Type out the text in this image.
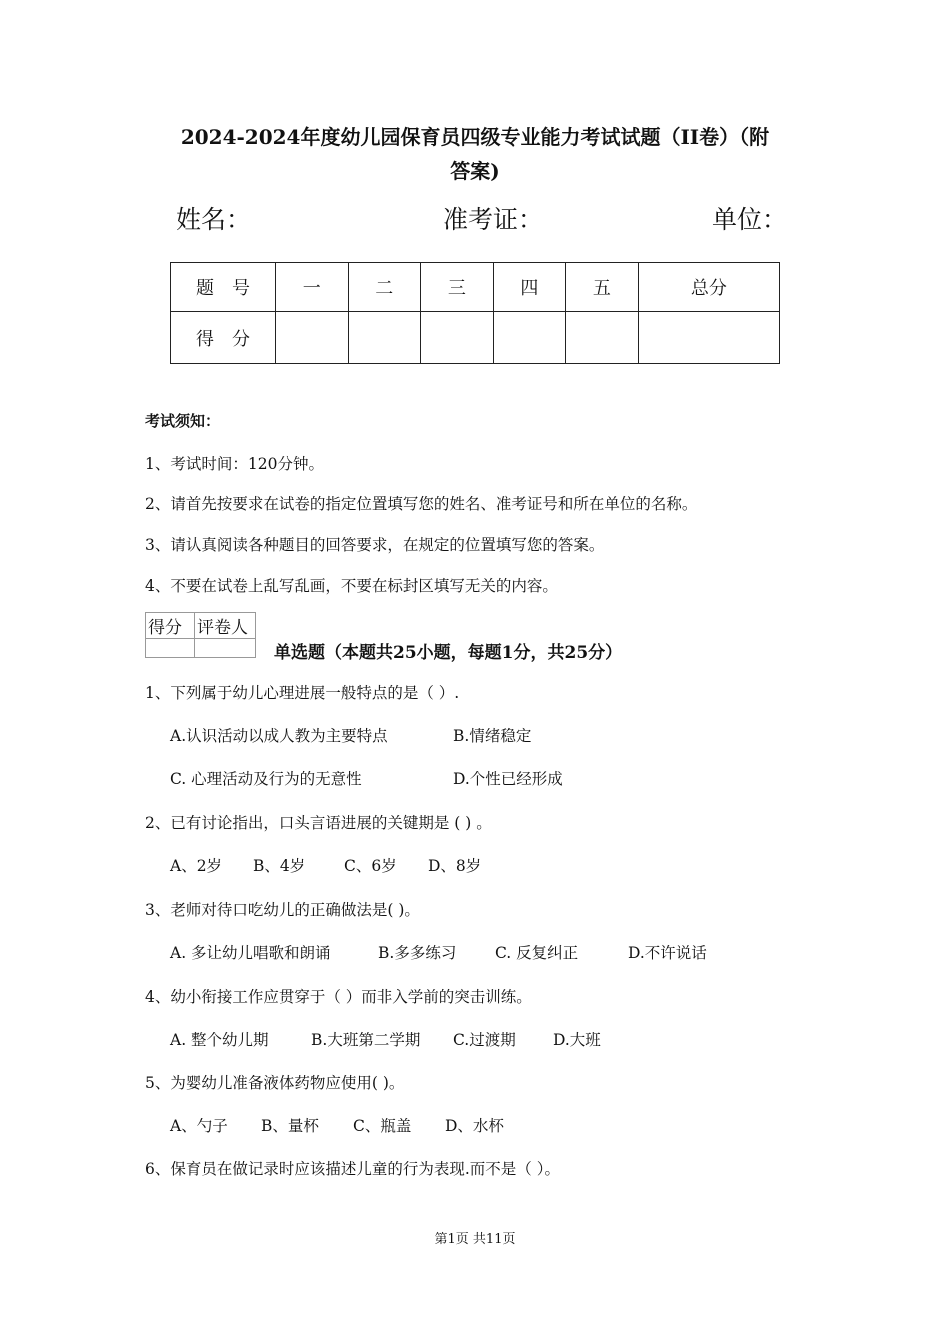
2024-2024年度幼儿园保育员四级专业能力考试试题（II卷）（附
答案)
姓名：	准考证：	单位：
题号	一	二	三	四	五	总分
得分						
考试须知：
1、考试时间：120分钟。
2、请首先按要求在试卷的指定位置填写您的姓名、准考证号和所在单位的名称。
3、请认真阅读各种题目的回答要求，在规定的位置填写您的答案。
4、不要在试卷上乱写乱画，不要在标封区填写无关的内容。
得分	评卷人

单选题（本题共25小题，每题1分，共25分）
1、下列属于幼儿心理进展一般特点的是（ ）.
A.认识活动以成人教为主要特点	B.情绪稳定
C. 心理活动及行为的无意性	D.个性已经形成
2、已有讨论指出，口头言语进展的关键期是 ( ) 。
A、2岁 B、4岁 C、6岁 D、8岁
3、老师对待口吃幼儿的正确做法是( )。
A. 多让幼儿唱歌和朗诵	B.多多练习 C. 反复纠正	D.不许说话
4、幼小衔接工作应贯穿于（ ）而非入学前的突击训练。
A. 整个幼儿期	B.大班第二学期 C.过渡期 D.大班
5、为婴幼儿准备液体药物应使用( )。
A、勺子 B、量杯 C、瓶盖 D、水杯
6、保育员在做记录时应该描述儿童的行为表现.而不是（ ）。
第1页 共11页
